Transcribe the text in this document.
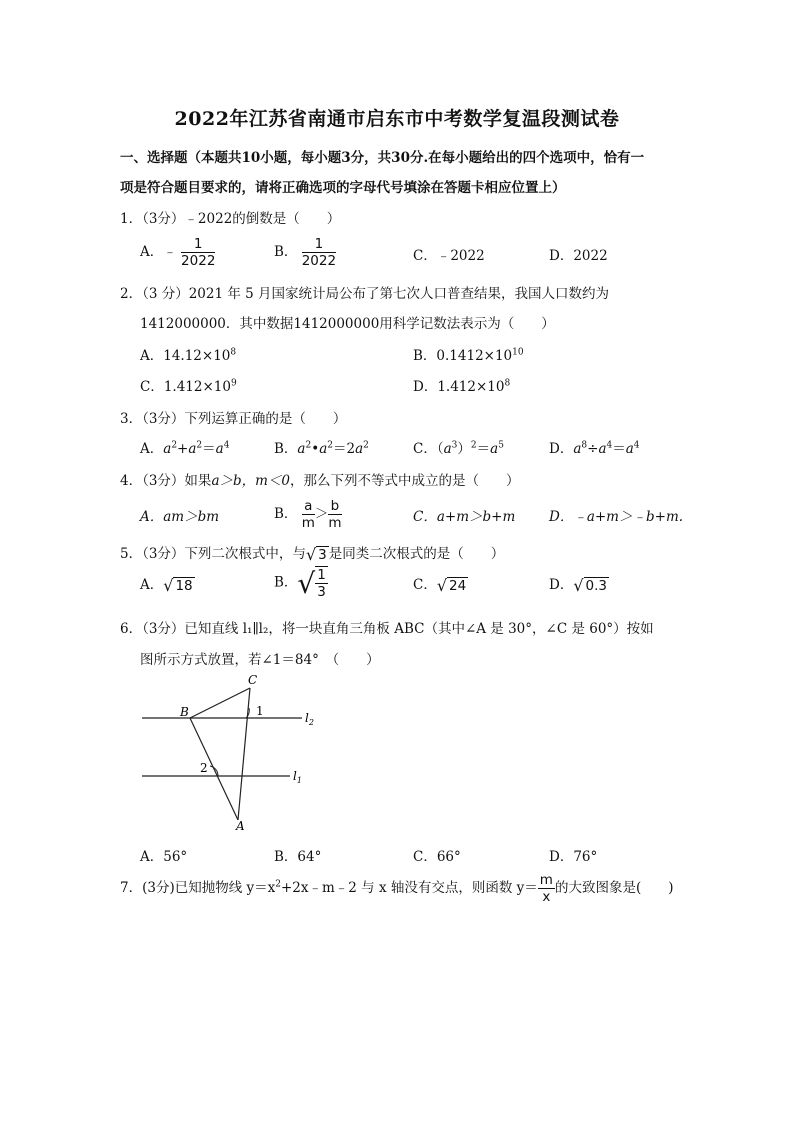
2022年江苏省南通市启东市中考数学复温段测试卷
一、选择题（本题共10小题，每小题3分，共30分.在每小题给出的四个选项中，恰有一
项是符合题目要求的，请将正确选项的字母代号填涂在答题卡相应位置上）
1．（3分）﹣2022的倒数是（　　）
A．﹣ $\frac{1}{2022}$	B． $\frac{1}{2022}$	C．﹣2022	D．2022
2．（3 分）2021 年 5 月国家统计局公布了第七次人口普查结果，我国人口数约为
1412000000．其中数据1412000000用科学记数法表示为（　　）
A．$14.12\times 10^8$	B．$0.1412\times 10^{10}$
C．$1.412\times 10^9$	D．$1.412\times 10^8$
3．（3分）下列运算正确的是（　　）
A．$a^2+a^2=a^4$	B．$a^2•a^2=2a^2$	C．$(a^3)^2=a^5$	D．$a^8\div a^4=a^4$
4．（3分）如果a＞b，m＜0，那么下列不等式中成立的是（　　）
A．am＞bm	B． $\frac{a}{m} > \frac{b}{m}$	C．a+m＞b+m	D．﹣a+m＞﹣b+m.
5．（3分）下列二次根式中，与√ 3 是同类二次根式的是（　　）
A．√ 18	B．√ $\frac{1}{3}$	C．√ 24	D．√ 0.3
6．（3分）已知直线 l₁∥l₂，将一块直角三角板 ABC（其中∠A 是 30°，∠C 是 60°）按如
图所示方式放置，若∠1＝84°　（　　）
C
B
A
1
2
$l_2$
$l_1$
A．56°	B．64°	C．66°	D．76°
7．(3分)已知抛物线 $y=x^2+2x﹣m﹣2$ 与 x 轴没有交点，则函数 $y= \frac{m}{x}$ 的大致图象是(　　)
